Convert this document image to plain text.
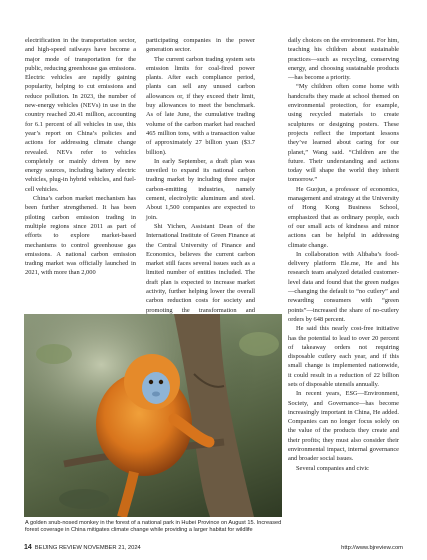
electrification in the transportation sector, and high-speed railways have become a major mode of transportation for the public, reducing greenhouse gas emissions. Electric vehicles are rapidly gaining popularity, helping to cut emissions and reduce pollution. In 2023, the number of new-energy vehicles (NEVs) in use in the country reached 20.41 million, accounting for 6.1 percent of all vehicles in use, this year’s report on China’s policies and actions for addressing climate change revealed. NEVs refer to vehicles completely or mainly driven by new energy sources, including battery electric vehicles, plug-in hybrid vehicles, and fuel-cell vehicles.

China’s carbon market mechanism has been further strengthened. It has been piloting carbon emission trading in multiple regions since 2011 as part of efforts to explore market-based mechanisms to control greenhouse gas emissions. A national carbon emission trading market was officially launched in 2021, with more than 2,000

participating companies in the power generation sector.

The current carbon trading system sets emission limits for coal-fired power plants. After each compliance period, plants can sell any unused carbon allowances or, if they exceed their limit, buy allowances to meet the benchmark. As of late June, the cumulative trading volume of the carbon market had reached 465 million tons, with a transaction value of approximately 27 billion yuan ($3.7 billion).

In early September, a draft plan was unveiled to expand its national carbon trading market by including three major carbon-emitting industries, namely cement, electrolytic aluminum and steel. About 1,500 companies are expected to join.

Shi Yichen, Assistant Dean of the International Institute of Green Finance at the Central University of Finance and Economics, believes the current carbon market still faces several issues such as a limited number of entities included. The draft plan is expected to increase market activity, further helping lower the overall carbon reduction costs for society and promoting the transformation and

daily choices on the environment. For him, teaching his children about sustainable practices—such as recycling, conserving energy, and choosing sustainable products—has become a priority.

“My children often come home with handcrafts they made at school themed on environmental protection, for example, using recycled materials to create sculptures or designing posters. These projects reflect the important lessons they’ve learned about caring for our planet,” Wang said. “Children are the future. Their understanding and actions today will shape the world they inherit tomorrow.”

He Guojun, a professor of economics, management and strategy at the University of Hong Kong Business School, emphasized that as ordinary people, each of our small acts of kindness and minor actions can be helpful in addressing climate change.

In collaboration with Alibaba’s food-delivery platform Ele.me, He and his research team analyzed detailed customer-level data and found that the green nudges—changing the default to “no cutlery” and rewarding consumers with “green points”—increased the share of no-cutlery orders by 648 percent.

He said this nearly cost-free initiative has the potential to lead to over 20 percent of takeaway orders not requiring disposable cutlery each year, and if this small change is implemented nationwide, it could result in a reduction of 22 billion sets of disposable utensils annually.

In recent years, ESG—Environment, Society, and Governance—has become increasingly important in China, He added. Companies can no longer focus solely on the value of the products they create and their profits; they must also consider their environmental impact, internal governance and broader social issues.

Several companies and civic

A golden snub-nosed monkey in the forest of a national park in Hubei Province on August 15. Increased forest coverage in China mitigates climate change while providing a larger habitat for wildlife
14 BEIJING REVIEW NOVEMBER 21, 2024	http://www.bjreview.com
